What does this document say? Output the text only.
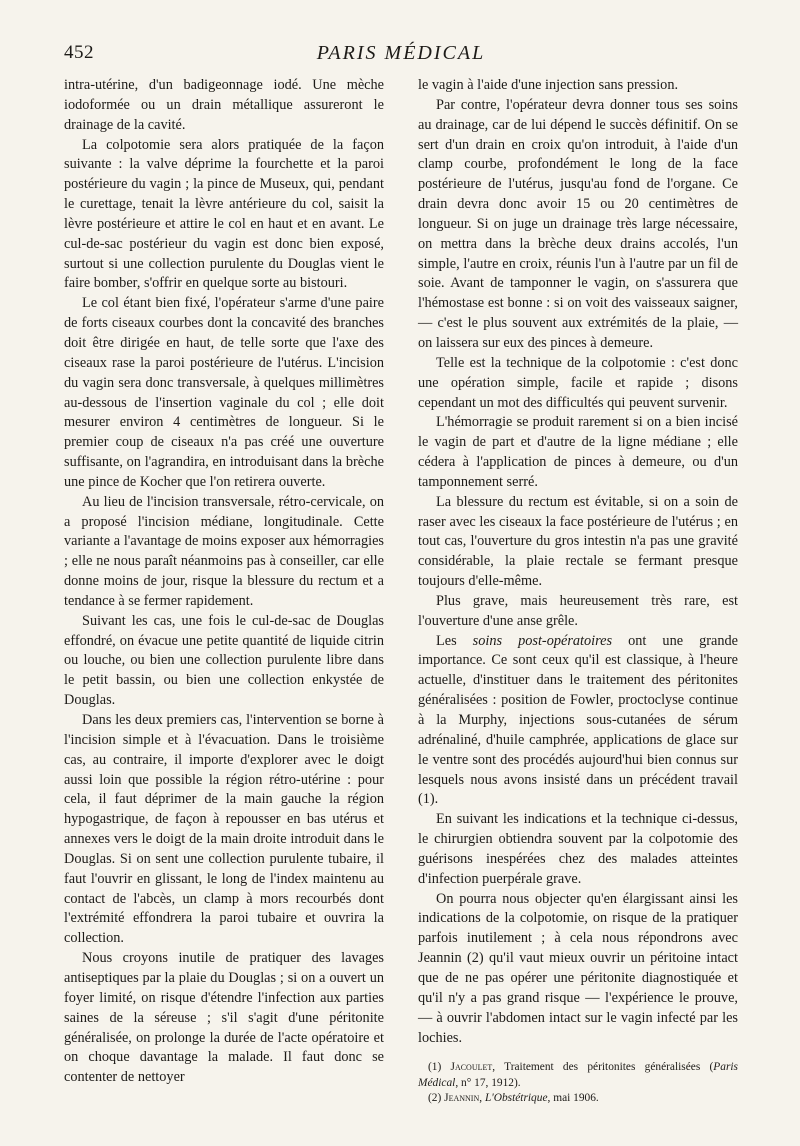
452	PARIS MÉDICAL

intra-utérine, d'un badigeonnage iodé. Une mèche iodoformée ou un drain métallique assureront le drainage de la cavité.

La colpotomie sera alors pratiquée de la façon suivante : la valve déprime la fourchette et la paroi postérieure du vagin ; la pince de Museux, qui, pendant le curettage, tenait la lèvre antérieure du col, saisit la lèvre postérieure et attire le col en haut et en avant. Le cul-de-sac postérieur du vagin est donc bien exposé, surtout si une collection purulente du Douglas vient le faire bomber, s'offrir en quelque sorte au bistouri.

Le col étant bien fixé, l'opérateur s'arme d'une paire de forts ciseaux courbes dont la concavité des branches doit être dirigée en haut, de telle sorte que l'axe des ciseaux rase la paroi postérieure de l'utérus. L'incision du vagin sera donc transversale, à quelques millimètres au-dessous de l'insertion vaginale du col ; elle doit mesurer environ 4 centimètres de longueur. Si le premier coup de ciseaux n'a pas créé une ouverture suffisante, on l'agrandira, en introduisant dans la brèche une pince de Kocher que l'on retirera ouverte.

Au lieu de l'incision transversale, rétro-cervicale, on a proposé l'incision médiane, longitudinale. Cette variante a l'avantage de moins exposer aux hémorragies ; elle ne nous paraît néanmoins pas à conseiller, car elle donne moins de jour, risque la blessure du rectum et a tendance à se fermer rapidement.

Suivant les cas, une fois le cul-de-sac de Douglas effondré, on évacue une petite quantité de liquide citrin ou louche, ou bien une collection purulente libre dans le petit bassin, ou bien une collection enkystée de Douglas.

Dans les deux premiers cas, l'intervention se borne à l'incision simple et à l'évacuation. Dans le troisième cas, au contraire, il importe d'explorer avec le doigt aussi loin que possible la région rétro-utérine : pour cela, il faut déprimer de la main gauche la région hypogastrique, de façon à repousser en bas utérus et annexes vers le doigt de la main droite introduit dans le Douglas. Si on sent une collection purulente tubaire, il faut l'ouvrir en glissant, le long de l'index maintenu au contact de l'abcès, un clamp à mors recourbés dont l'extrémité effondrera la paroi tubaire et ouvrira la collection.

Nous croyons inutile de pratiquer des lavages antiseptiques par la plaie du Douglas ; si on a ouvert un foyer limité, on risque d'étendre l'infection aux parties saines de la séreuse ; s'il s'agit d'une péritonite généralisée, on prolonge la durée de l'acte opératoire et on choque davantage la malade. Il faut donc se contenter de nettoyer

le vagin à l'aide d'une injection sans pression.

Par contre, l'opérateur devra donner tous ses soins au drainage, car de lui dépend le succès définitif. On se sert d'un drain en croix qu'on introduit, à l'aide d'un clamp courbe, profondément le long de la face postérieure de l'utérus, jusqu'au fond de l'organe. Ce drain devra donc avoir 15 ou 20 centimètres de longueur. Si on juge un drainage très large nécessaire, on mettra dans la brèche deux drains accolés, l'un simple, l'autre en croix, réunis l'un à l'autre par un fil de soie. Avant de tamponner le vagin, on s'assurera que l'hémostase est bonne : si on voit des vaisseaux saigner, — c'est le plus souvent aux extrémités de la plaie, — on laissera sur eux des pinces à demeure.

Telle est la technique de la colpotomie : c'est donc une opération simple, facile et rapide ; disons cependant un mot des difficultés qui peuvent survenir.

L'hémorragie se produit rarement si on a bien incisé le vagin de part et d'autre de la ligne médiane ; elle cédera à l'application de pinces à demeure, ou d'un tamponnement serré.

La blessure du rectum est évitable, si on a soin de raser avec les ciseaux la face postérieure de l'utérus ; en tout cas, l'ouverture du gros intestin n'a pas une gravité considérable, la plaie rectale se fermant presque toujours d'elle-même.

Plus grave, mais heureusement très rare, est l'ouverture d'une anse grêle.

Les soins post-opératoires ont une grande importance. Ce sont ceux qu'il est classique, à l'heure actuelle, d'instituer dans le traitement des péritonites généralisées : position de Fowler, proctoclyse continue à la Murphy, injections sous-cutanées de sérum adrénaliné, d'huile camphrée, applications de glace sur le ventre sont des procédés aujourd'hui bien connus sur lesquels nous avons insisté dans un précédent travail (1).

En suivant les indications et la technique ci-dessus, le chirurgien obtiendra souvent par la colpotomie des guérisons inespérées chez des malades atteintes d'infection puerpérale grave.

On pourra nous objecter qu'en élargissant ainsi les indications de la colpotomie, on risque de la pratiquer parfois inutilement ; à cela nous répondrons avec Jeannin (2) qu'il vaut mieux ouvrir un péritoine intact que de ne pas opérer une péritonite diagnostiquée et qu'il n'y a pas grand risque — l'expérience le prouve, — à ouvrir l'abdomen intact sur le vagin infecté par les lochies.

(1) Jacoulet, Traitement des péritonites généralisées (Paris Médical, n° 17, 1912).

(2) Jeannin, L'Obstétrique, mai 1906.
